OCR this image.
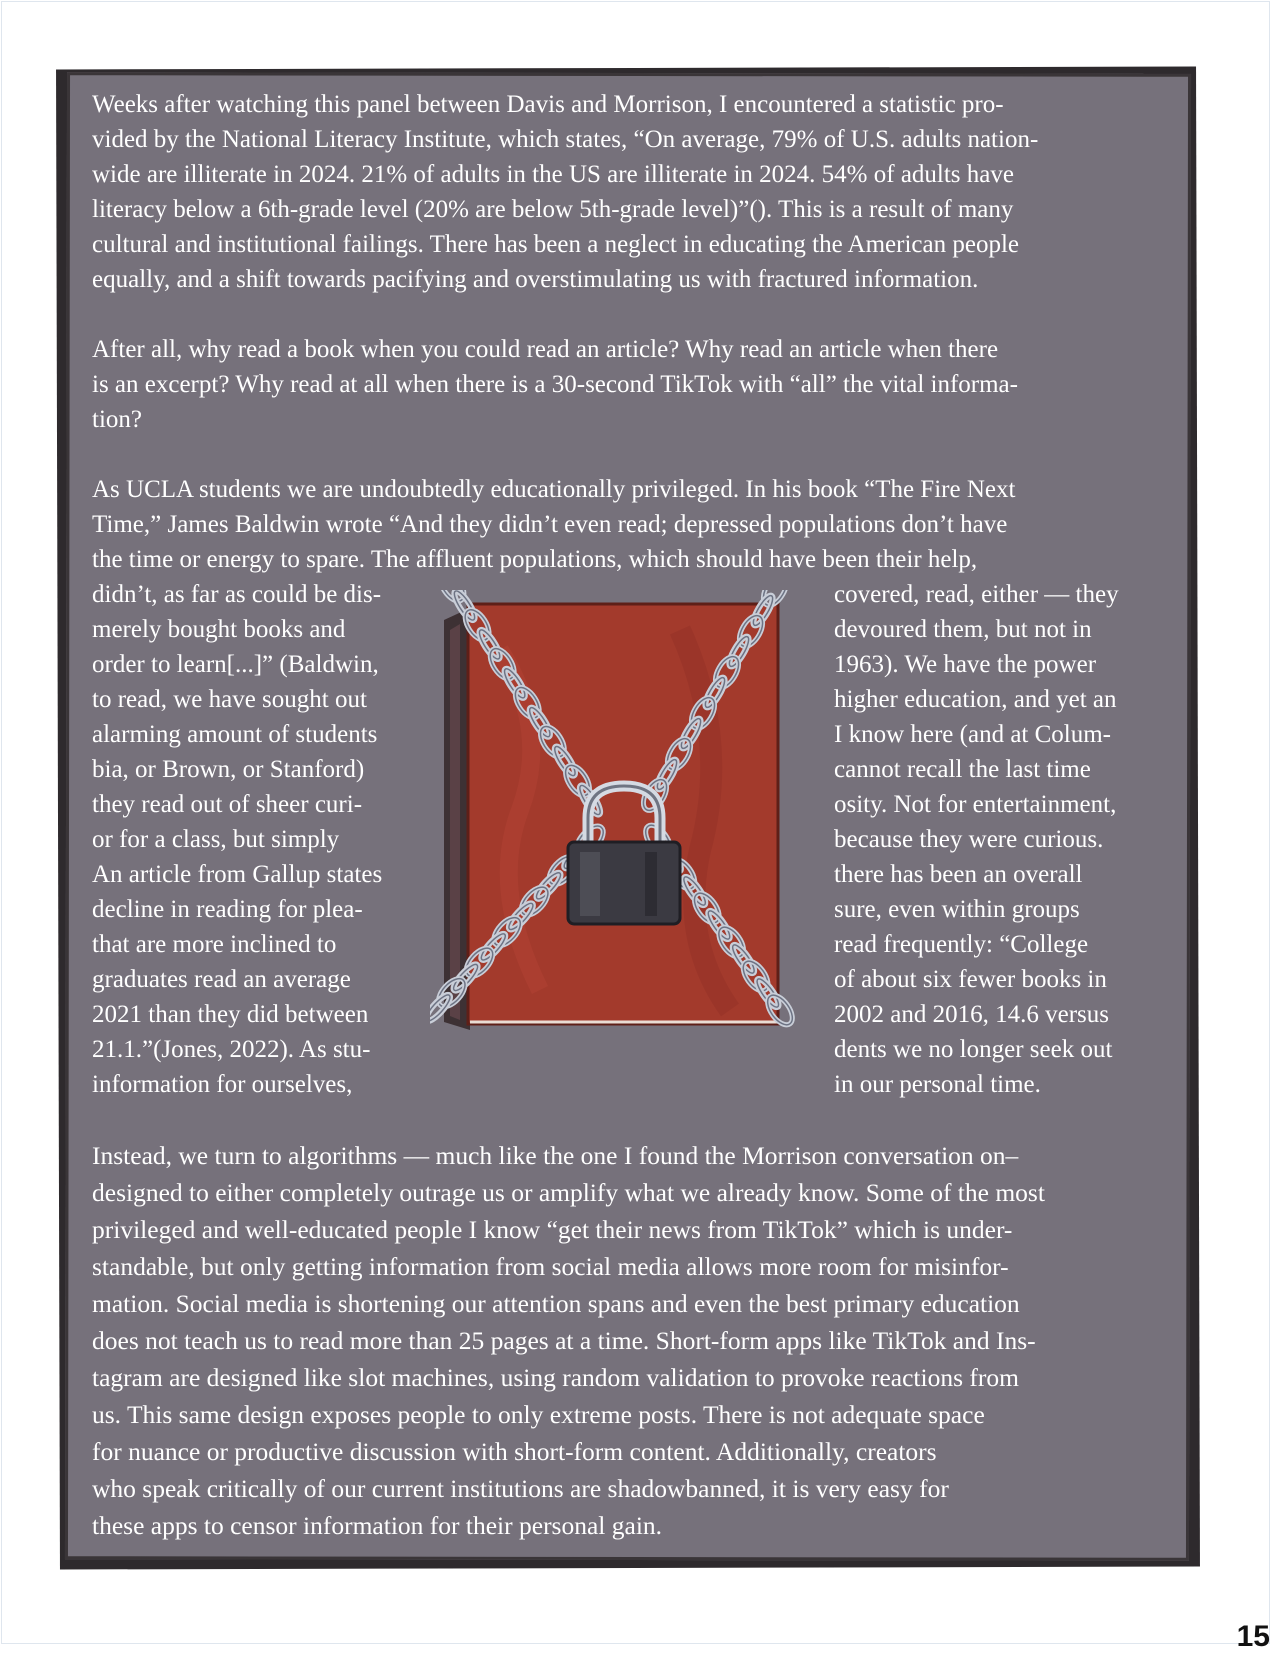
Weeks after watching this panel between Davis and Morrison, I encountered a statistic pro-
vided by the National Literacy Institute, which states, “On average, 79% of U.S. adults nation-
wide are illiterate in 2024. 21% of adults in the US are illiterate in 2024. 54% of adults have
literacy below a 6th-grade level (20% are below 5th-grade level)”(). This is a result of many
cultural and institutional failings. There has been a neglect in educating the American people
equally, and a shift towards pacifying and overstimulating us with fractured information.

After all, why read a book when you could read an article? Why read an article when there
is an excerpt? Why read at all when there is a 30-second TikTok with “all” the vital informa-
tion?

As UCLA students we are undoubtedly educationally privileged. In his book “The Fire Next
Time,” James Baldwin wrote “And they didn’t even read; depressed populations don’t have
the time or energy to spare. The affluent populations, which should have been their help,

didn’t, as far as could be dis-
merely bought books and
order to learn[...]” (Baldwin,
to read, we have sought out
alarming amount of students
bia, or Brown, or Stanford)
they read out of sheer curi-
or for a class, but simply
An article from Gallup states
decline in reading for plea-
that are more inclined to
graduates read an average
2021 than they did between
21.1.”(Jones, 2022). As stu-
information for ourselves,

covered, read, either — they
devoured them, but not in
1963). We have the power
higher education, and yet an
I know here (and at Colum-
cannot recall the last time
osity. Not for entertainment,
because they were curious.
there has been an overall
sure, even within groups
read frequently: “College
of about six fewer books in
2002 and 2016, 14.6 versus
dents we no longer seek out
in our personal time.

Instead, we turn to algorithms — much like the one I found the Morrison conversation on–
designed to either completely outrage us or amplify what we already know. Some of the most
privileged and well-educated people I know “get their news from TikTok” which is under-
standable, but only getting information from social media allows more room for misinfor-
mation. Social media is shortening our attention spans and even the best primary education
does not teach us to read more than 25 pages at a time. Short-form apps like TikTok and Ins-
tagram are designed like slot machines, using random validation to provoke reactions from
us. This same design exposes people to only extreme posts. There is not adequate space
for nuance or productive discussion with short-form content. Additionally, creators
who speak critically of our current institutions are shadowbanned, it is very easy for
these apps to censor information for their personal gain.

15
